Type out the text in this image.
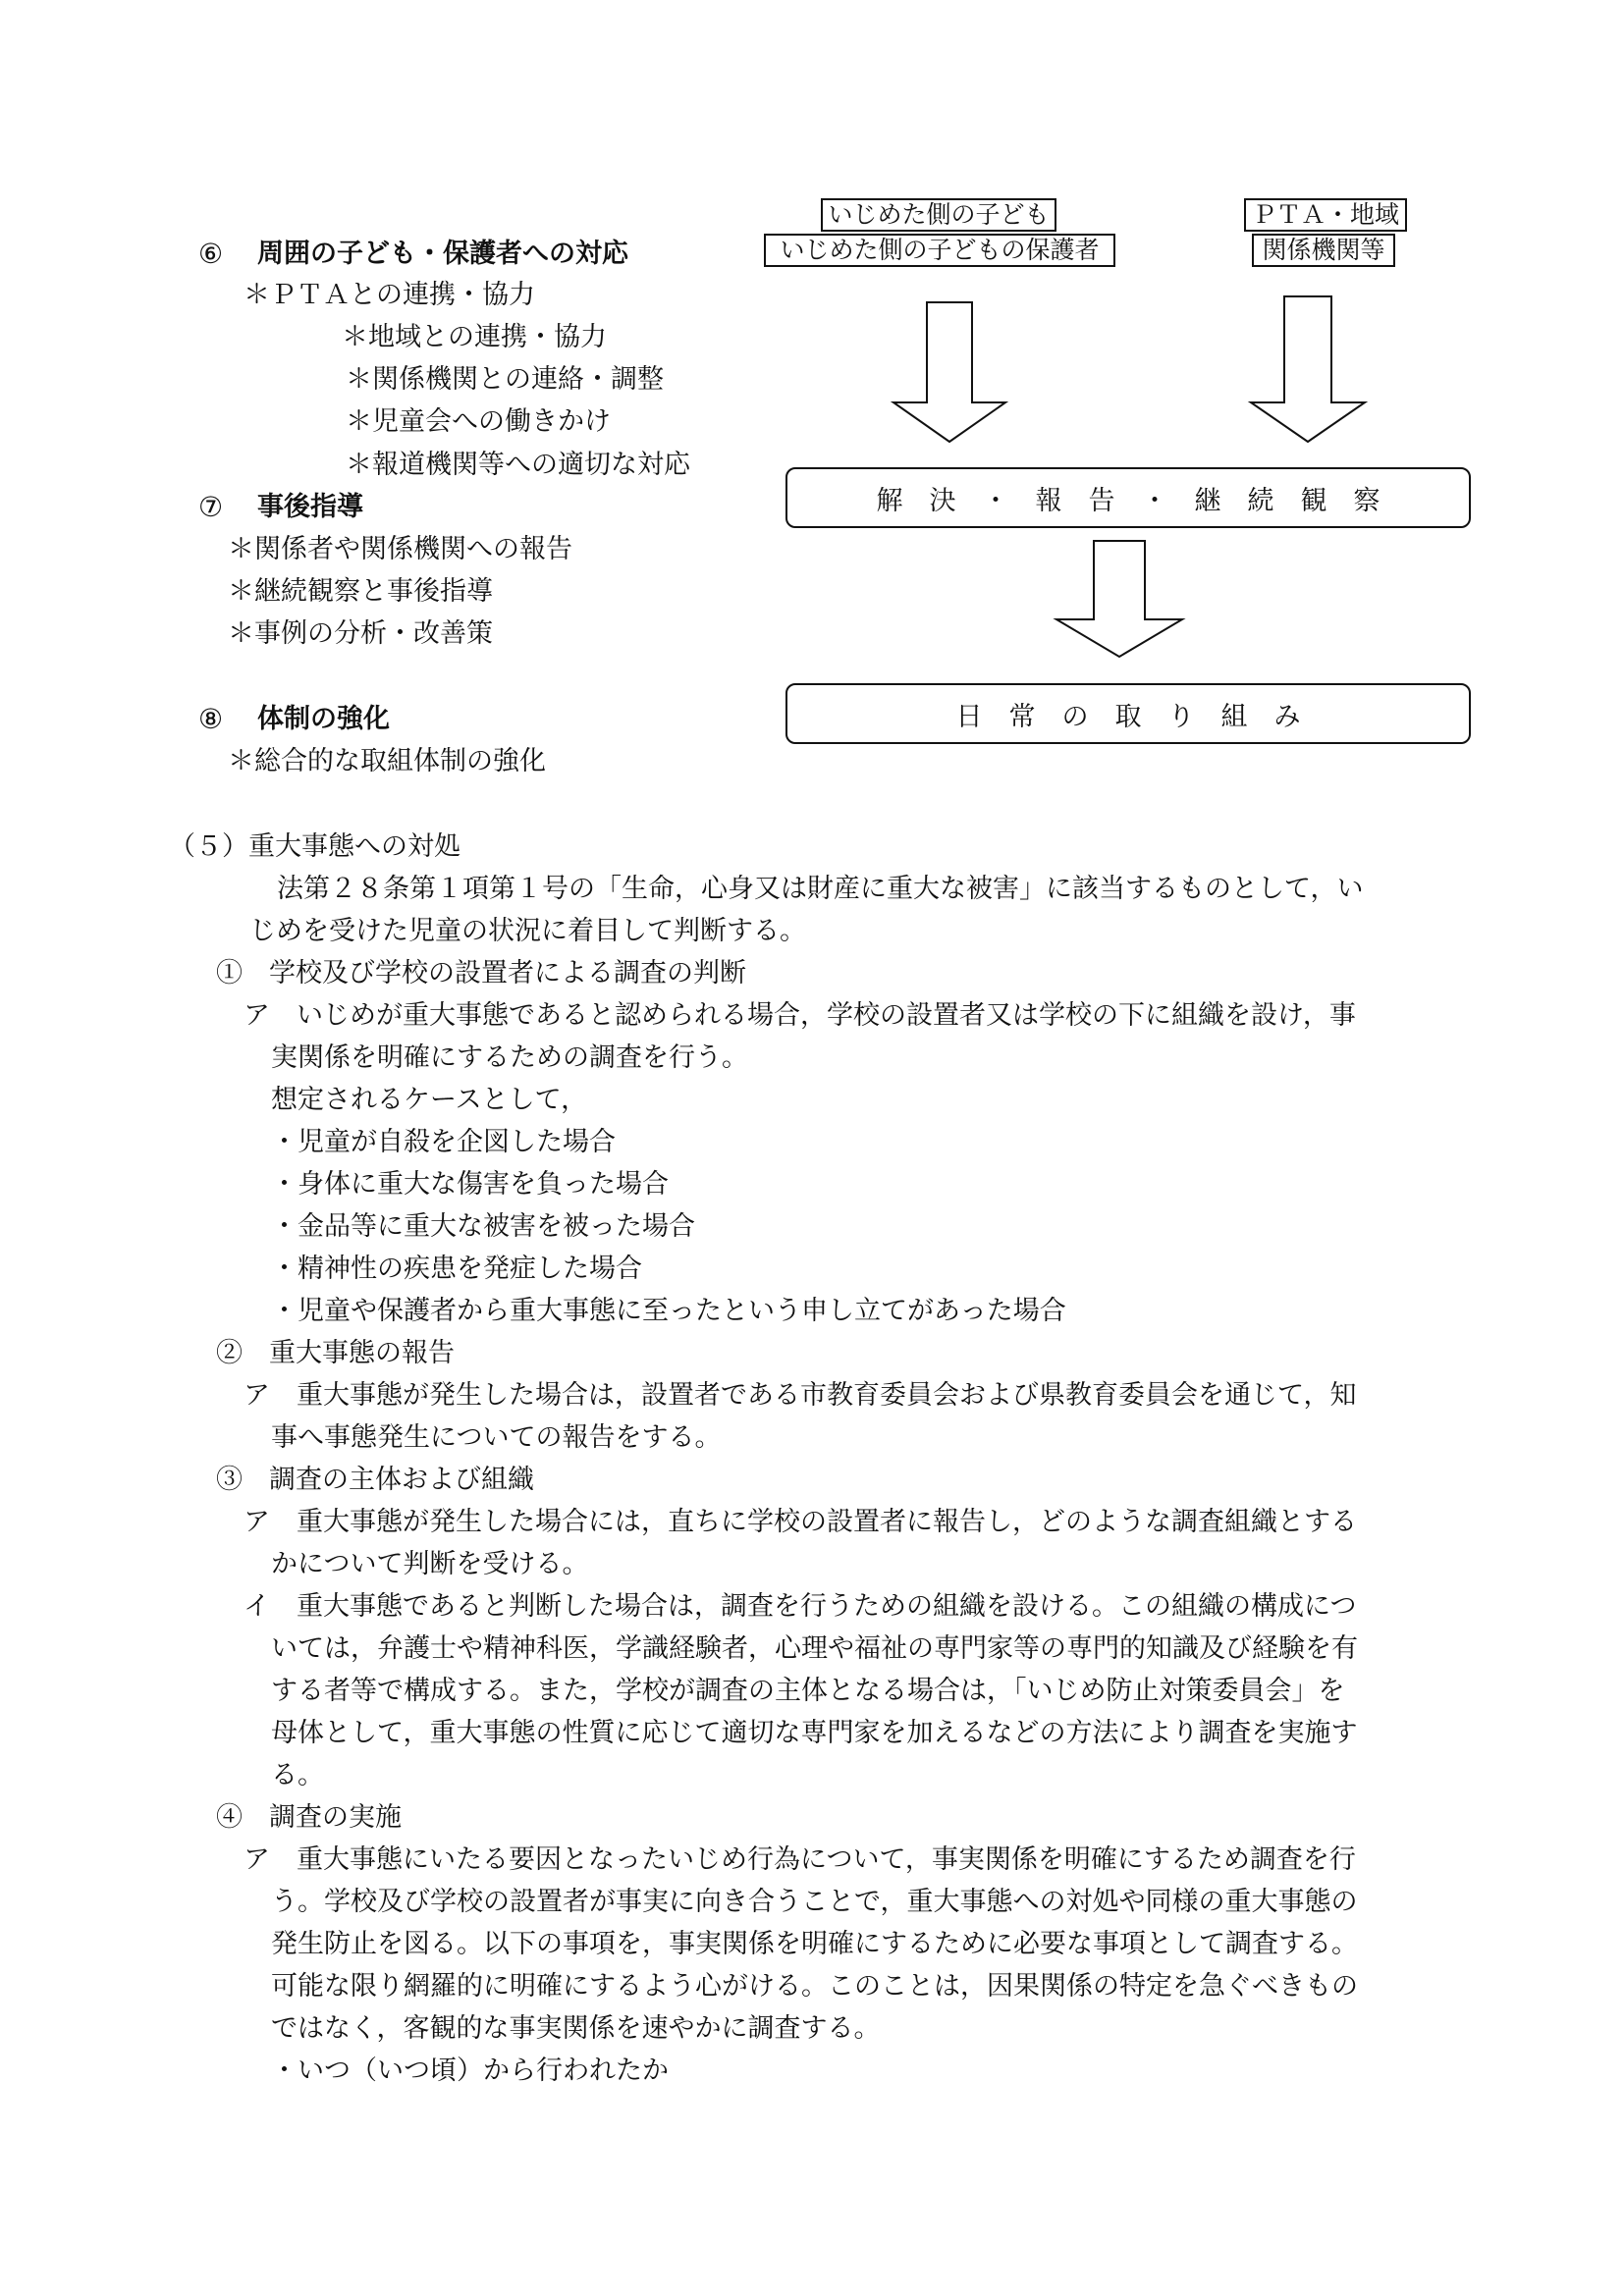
いじめた側の子ども
いじめた側の子どもの保護者
ＰＴＡ・地域
関係機関等
解　決　・　報　告　・　継　続　観　察
日　常　の　取　り　組　み
⑥ 周囲の子ども・保護者への対応
＊ＰＴＡとの連携・協力
＊地域との連携・協力
＊関係機関との連絡・調整
＊児童会への働きかけ
＊報道機関等への適切な対応
⑦ 事後指導
＊関係者や関係機関への報告
＊継続観察と事後指導
＊事例の分析・改善策
⑧ 体制の強化
＊総合的な取組体制の強化
（５）重大事態への対処
法第２８条第１項第１号の「生命，心身又は財産に重大な被害」に該当するものとして，い
じめを受けた児童の状況に着目して判断する。
①　学校及び学校の設置者による調査の判断
ア　いじめが重大事態であると認められる場合，学校の設置者又は学校の下に組織を設け，事
実関係を明確にするための調査を行う。
想定されるケースとして，
・児童が自殺を企図した場合
・身体に重大な傷害を負った場合
・金品等に重大な被害を被った場合
・精神性の疾患を発症した場合
・児童や保護者から重大事態に至ったという申し立てがあった場合
②　重大事態の報告
ア　重大事態が発生した場合は，設置者である市教育委員会および県教育委員会を通じて，知
事へ事態発生についての報告をする。
③　調査の主体および組織
ア　重大事態が発生した場合には，直ちに学校の設置者に報告し，どのような調査組織とする
かについて判断を受ける。
イ　重大事態であると判断した場合は，調査を行うための組織を設ける。この組織の構成につ
いては，弁護士や精神科医，学識経験者，心理や福祉の専門家等の専門的知識及び経験を有
する者等で構成する。また，学校が調査の主体となる場合は，「いじめ防止対策委員会」を
母体として，重大事態の性質に応じて適切な専門家を加えるなどの方法により調査を実施す
る。
④　調査の実施
ア　重大事態にいたる要因となったいじめ行為について，事実関係を明確にするため調査を行
う。学校及び学校の設置者が事実に向き合うことで，重大事態への対処や同様の重大事態の
発生防止を図る。以下の事項を，事実関係を明確にするために必要な事項として調査する。
可能な限り網羅的に明確にするよう心がける。このことは，因果関係の特定を急ぐべきもの
ではなく，客観的な事実関係を速やかに調査する。
・いつ（いつ頃）から行われたか
